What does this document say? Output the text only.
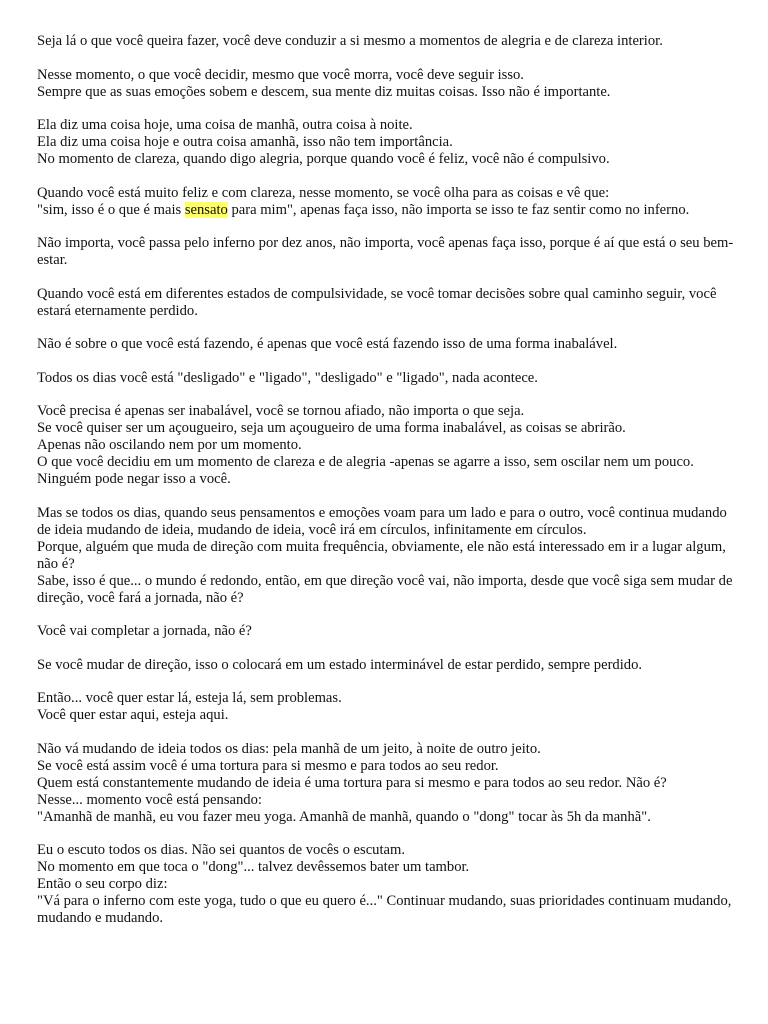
Seja lá o que você queira fazer, você deve conduzir a si mesmo a momentos de alegria e de clareza interior.

Nesse momento, o que você decidir, mesmo que você morra, você deve seguir isso.
Sempre que as suas emoções sobem e descem, sua mente diz muitas coisas. Isso não é importante.

Ela diz uma coisa hoje, uma coisa de manhã, outra coisa à noite.
Ela diz uma coisa hoje e outra coisa amanhã, isso não tem importância.
No momento de clareza, quando digo alegria, porque quando você é feliz, você não é compulsivo.

Quando você está muito feliz e com clareza, nesse momento, se você olha para as coisas e vê que:
"sim, isso é o que é mais sensato para mim", apenas faça isso, não importa se isso te faz sentir como no inferno.

Não importa, você passa pelo inferno por dez anos, não importa, você apenas faça isso, porque é aí que está o seu bem-estar.

Quando você está em diferentes estados de compulsividade, se você tomar decisões sobre qual caminho seguir, você estará eternamente perdido.

Não é sobre o que você está fazendo, é apenas que você está fazendo isso de uma forma inabalável.

Todos os dias você está "desligado" e "ligado", "desligado" e "ligado", nada acontece.

Você precisa é apenas ser inabalável, você se tornou afiado, não importa o que seja.
Se você quiser ser um açougueiro, seja um açougueiro de uma forma inabalável, as coisas se abrirão.
Apenas não oscilando nem por um momento.
O que você decidiu em um momento de clareza e de alegria -apenas se agarre a isso, sem oscilar nem um pouco.
Ninguém pode negar isso a você.

Mas se todos os dias, quando seus pensamentos e emoções voam para um lado e para o outro, você continua mudando de ideia mudando de ideia, mudando de ideia, você irá em círculos, infinitamente em círculos.
Porque, alguém que muda de direção com muita frequência, obviamente, ele não está interessado em ir a lugar algum, não é?
Sabe, isso é que... o mundo é redondo, então, em que direção você vai, não importa, desde que você siga sem mudar de direção, você fará a jornada, não é?

Você vai completar a jornada, não é?

Se você mudar de direção, isso o colocará em um estado interminável de estar perdido, sempre perdido.

Então... você quer estar lá, esteja lá, sem problemas.
Você quer estar aqui, esteja aqui.

Não vá mudando de ideia todos os dias: pela manhã de um jeito, à noite de outro jeito.
Se você está assim você é uma tortura para si mesmo e para todos ao seu redor.
Quem está constantemente mudando de ideia é uma tortura para si mesmo e para todos ao seu redor. Não é?
Nesse... momento você está pensando:
"Amanhã de manhã, eu vou fazer meu yoga. Amanhã de manhã, quando o "dong" tocar às 5h da manhã".

Eu o escuto todos os dias. Não sei quantos de vocês o escutam.
No momento em que toca o "dong"... talvez devêssemos bater um tambor.
Então o seu corpo diz:
"Vá para o inferno com este yoga, tudo o que eu quero é..." Continuar mudando, suas prioridades continuam mudando, mudando e mudando.
